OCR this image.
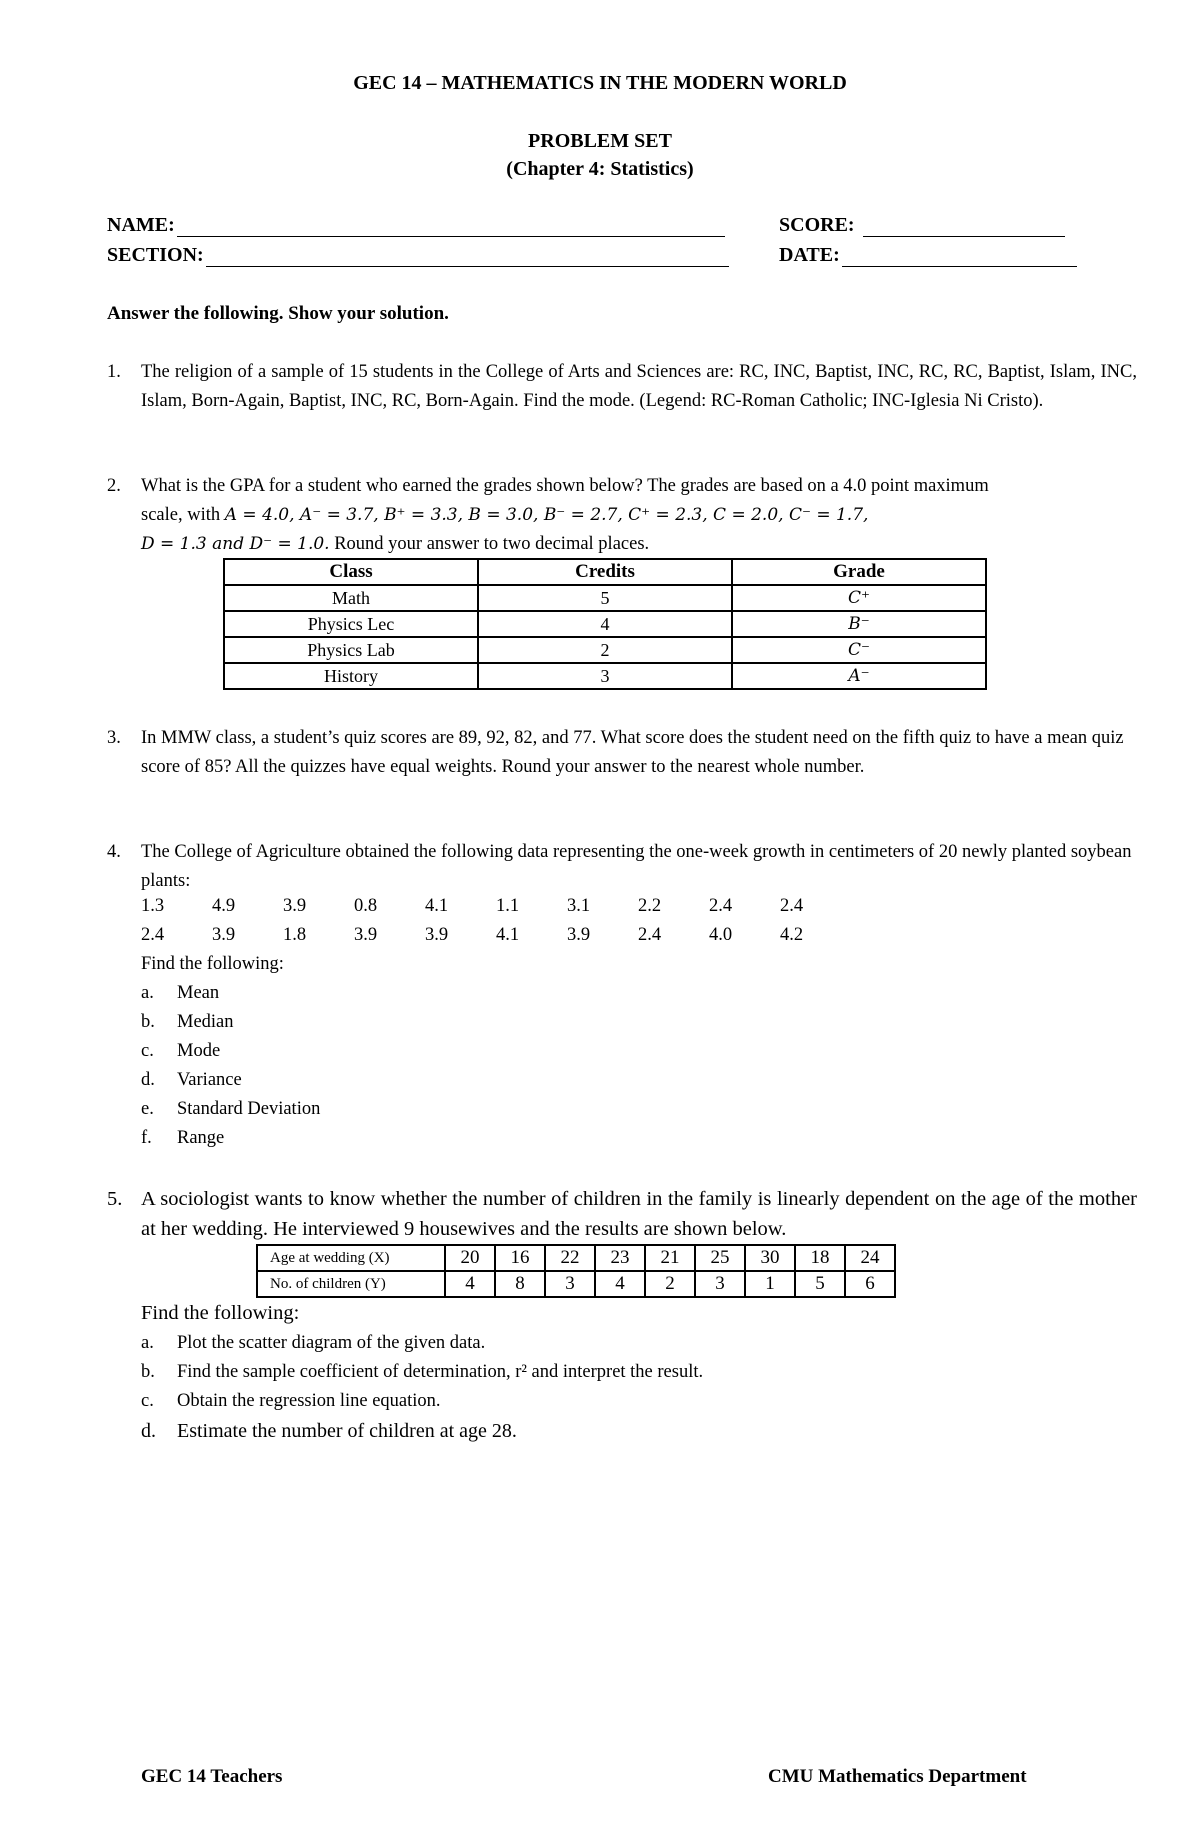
GEC 14 – MATHEMATICS IN THE MODERN WORLD
PROBLEM SET
(Chapter 4: Statistics)
NAME:
SECTION:
SCORE:
DATE:
Answer the following. Show your solution.
1. The religion of a sample of 15 students in the College of Arts and Sciences are: RC, INC, Baptist, INC, RC, RC, Baptist, Islam, INC, Islam, Born-Again, Baptist, INC, RC, Born-Again. Find the mode. (Legend: RC-Roman Catholic; INC-Iglesia Ni Cristo).
2. What is the GPA for a student who earned the grades shown below? The grades are based on a 4.0 point maximum
scale, with A = 4.0, A⁻ = 3.7, B⁺ = 3.3, B = 3.0, B⁻ = 2.7, C⁺ = 2.3, C = 2.0, C⁻ = 1.7,
D = 1.3 and D⁻ = 1.0. Round your answer to two decimal places.
Class	Credits	Grade
Math	5	C⁺
Physics Lec	4	B⁻
Physics Lab	2	C⁻
History	3	A⁻
3. In MMW class, a student’s quiz scores are 89, 92, 82, and 77. What score does the student need on the fifth quiz to have a mean quiz score of 85? All the quizzes have equal weights. Round your answer to the nearest whole number.
4. The College of Agriculture obtained the following data representing the one-week growth in centimeters of 20 newly planted soybean plants:
1.3	4.9	3.9	0.8	4.1	1.1	3.1	2.2	2.4	2.4
2.4	3.9	1.8	3.9	3.9	4.1	3.9	2.4	4.0	4.2
Find the following:
a. Mean
b. Median
c. Mode
d. Variance
e. Standard Deviation
f. Range
5. A sociologist wants to know whether the number of children in the family is linearly dependent on the age of the mother at her wedding. He interviewed 9 housewives and the results are shown below.
Age at wedding (X)	20	16	22	23	21	25	30	18	24
No. of children (Y)	4	8	3	4	2	3	1	5	6
Find the following:
a. Plot the scatter diagram of the given data.
b. Find the sample coefficient of determination, r² and interpret the result.
c. Obtain the regression line equation.
d. Estimate the number of children at age 28.
GEC 14 Teachers	CMU Mathematics Department
